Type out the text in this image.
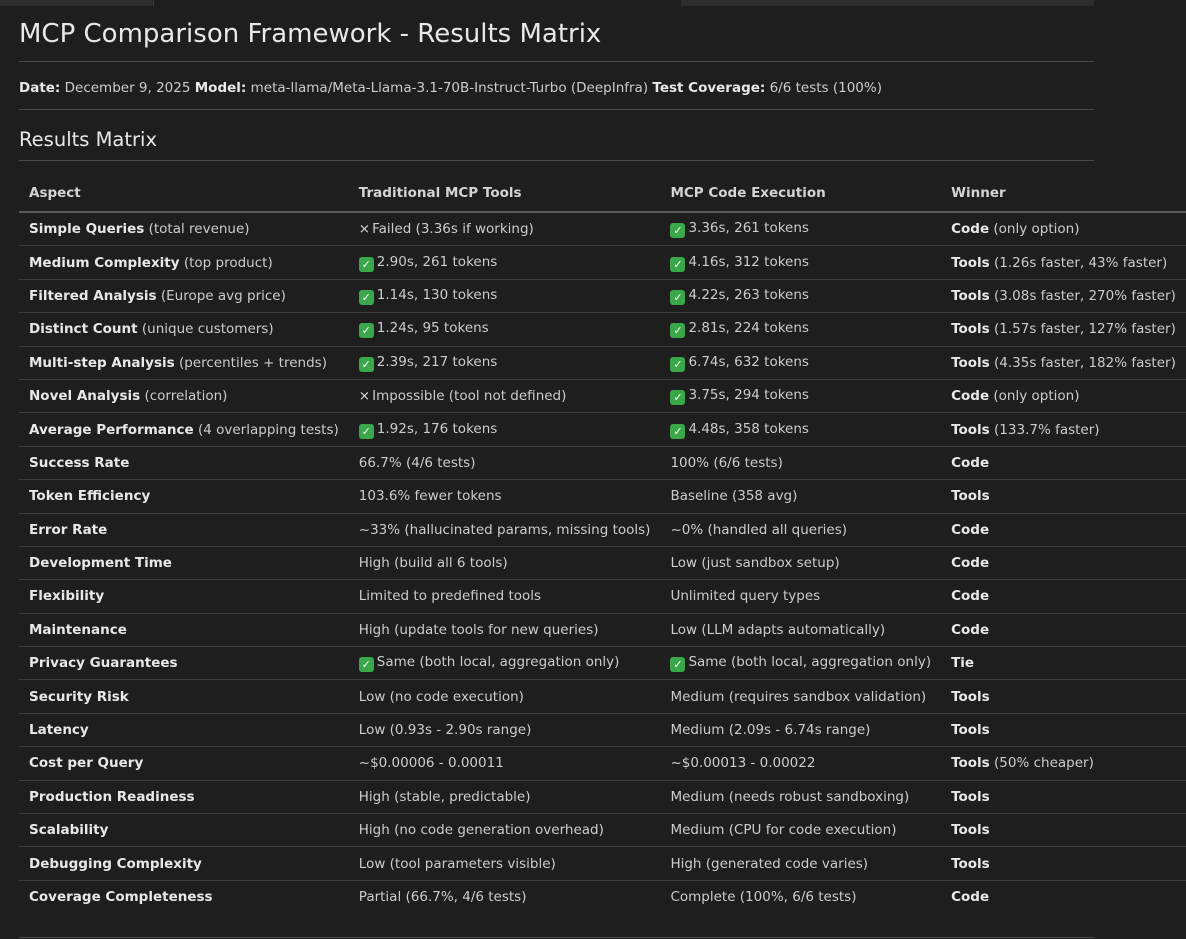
MCP Comparison Framework - Results Matrix
Date: December 9, 2025 Model: meta-llama/Meta-Llama-3.1-70B-Instruct-Turbo (DeepInfra) Test Coverage: 6/6 tests (100%)
Results Matrix
Aspect	Traditional MCP Tools	MCP Code Execution	Winner
Simple Queries (total revenue)	× Failed (3.36s if working)	✓ 3.36s, 261 tokens	Code (only option)
Medium Complexity (top product)	✓ 2.90s, 261 tokens	✓ 4.16s, 312 tokens	Tools (1.26s faster, 43% faster)
Filtered Analysis (Europe avg price)	✓ 1.14s, 130 tokens	✓ 4.22s, 263 tokens	Tools (3.08s faster, 270% faster)
Distinct Count (unique customers)	✓ 1.24s, 95 tokens	✓ 2.81s, 224 tokens	Tools (1.57s faster, 127% faster)
Multi-step Analysis (percentiles + trends)	✓ 2.39s, 217 tokens	✓ 6.74s, 632 tokens	Tools (4.35s faster, 182% faster)
Novel Analysis (correlation)	× Impossible (tool not defined)	✓ 3.75s, 294 tokens	Code (only option)
Average Performance (4 overlapping tests)	✓ 1.92s, 176 tokens	✓ 4.48s, 358 tokens	Tools (133.7% faster)
Success Rate	66.7% (4/6 tests)	100% (6/6 tests)	Code
Token Efficiency	103.6% fewer tokens	Baseline (358 avg)	Tools
Error Rate	~33% (hallucinated params, missing tools)	~0% (handled all queries)	Code
Development Time	High (build all 6 tools)	Low (just sandbox setup)	Code
Flexibility	Limited to predefined tools	Unlimited query types	Code
Maintenance	High (update tools for new queries)	Low (LLM adapts automatically)	Code
Privacy Guarantees	✓ Same (both local, aggregation only)	✓ Same (both local, aggregation only)	Tie
Security Risk	Low (no code execution)	Medium (requires sandbox validation)	Tools
Latency	Low (0.93s - 2.90s range)	Medium (2.09s - 6.74s range)	Tools
Cost per Query	~$0.00006 - 0.00011	~$0.00013 - 0.00022	Tools (50% cheaper)
Production Readiness	High (stable, predictable)	Medium (needs robust sandboxing)	Tools
Scalability	High (no code generation overhead)	Medium (CPU for code execution)	Tools
Debugging Complexity	Low (tool parameters visible)	High (generated code varies)	Tools
Coverage Completeness	Partial (66.7%, 4/6 tests)	Complete (100%, 6/6 tests)	Code
